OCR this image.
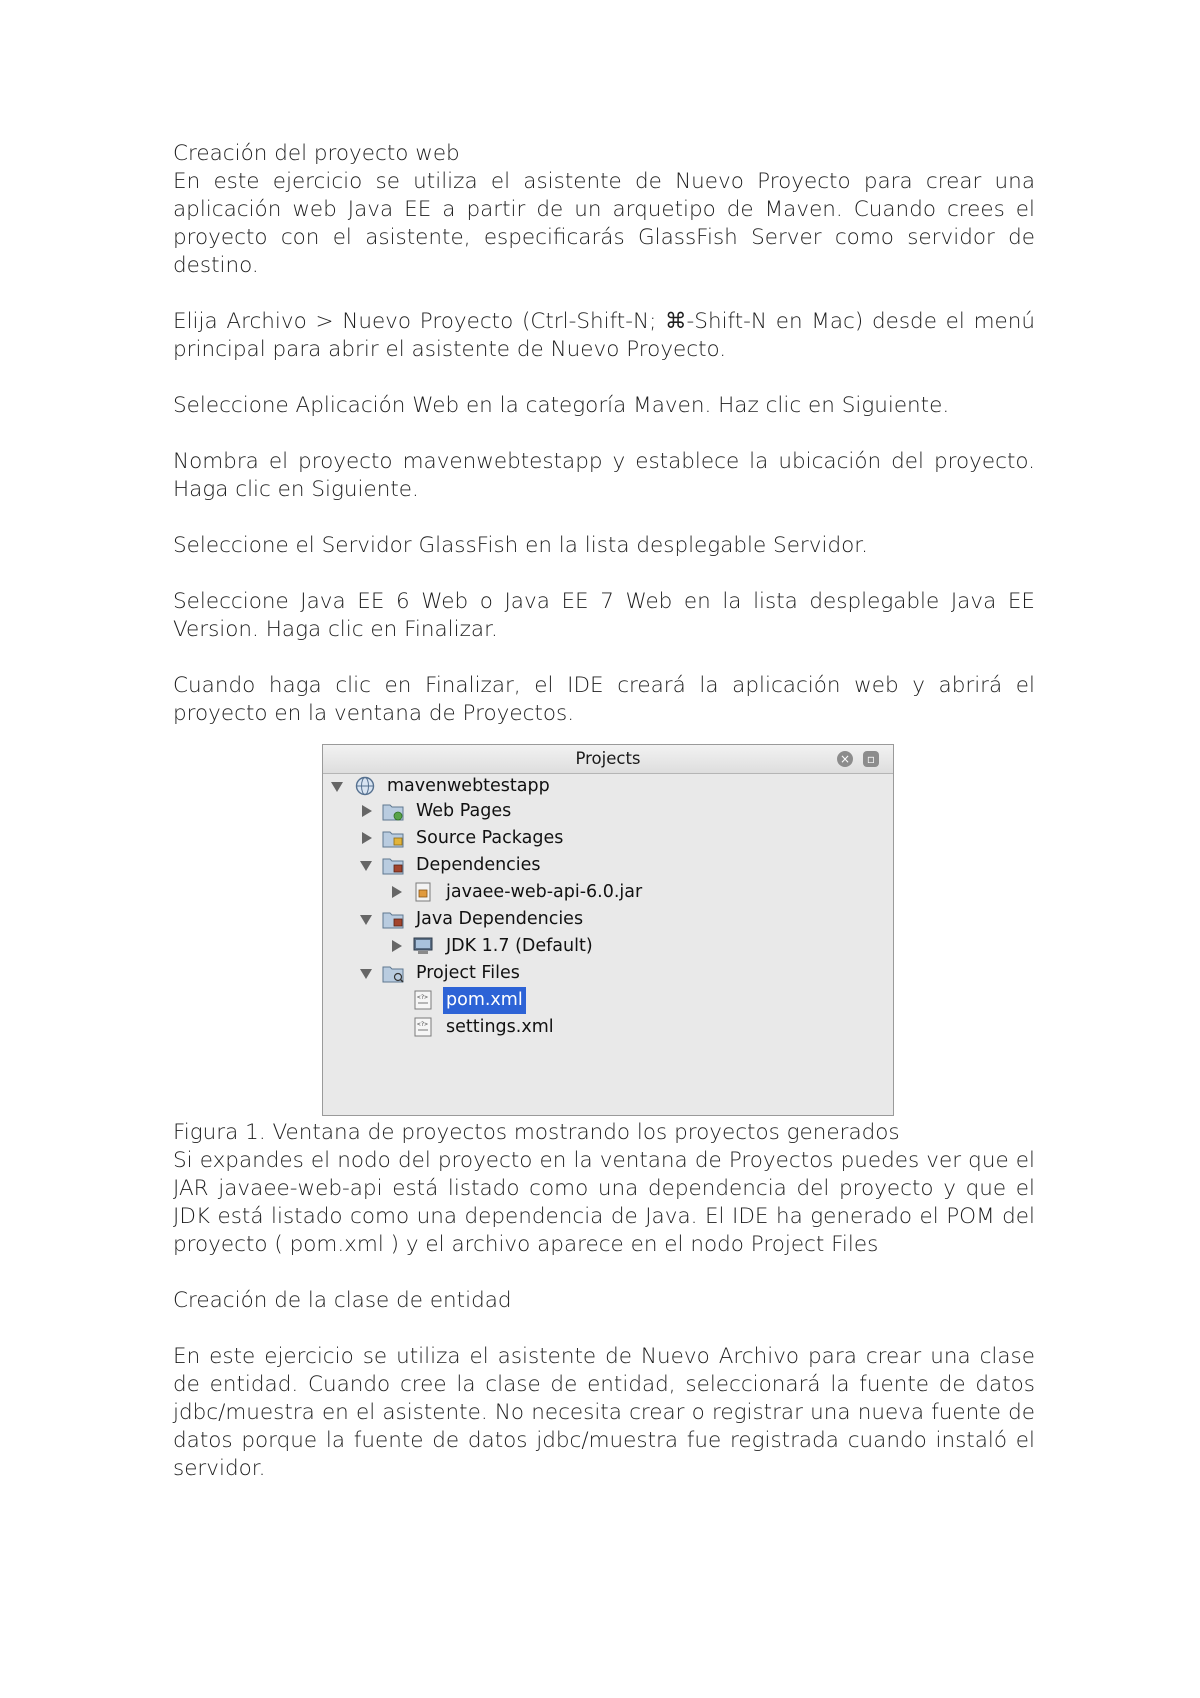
Creación del proyecto web

En este ejercicio se utiliza el asistente de Nuevo Proyecto para crear una aplicación web Java EE a partir de un arquetipo de Maven. Cuando crees el proyecto con el asistente, especificarás GlassFish Server como servidor de destino.

Elija Archivo > Nuevo Proyecto (Ctrl-Shift-N; ⌘-Shift-N en Mac) desde el menú principal para abrir el asistente de Nuevo Proyecto.

Seleccione Aplicación Web en la categoría Maven. Haz clic en Siguiente.

Nombra el proyecto mavenwebtestapp y establece la ubicación del proyecto. Haga clic en Siguiente.

Seleccione el Servidor GlassFish en la lista desplegable Servidor.

Seleccione Java EE 6 Web o Java EE 7 Web en la lista desplegable Java EE Version. Haga clic en Finalizar.

Cuando haga clic en Finalizar, el IDE creará la aplicación web y abrirá el proyecto en la ventana de Proyectos.

Projects	×	▫
mavenwebtestapp
Web Pages
Source Packages
Dependencies
javaee-web-api-6.0.jar
Java Dependencies
JDK 1.7 (Default)
Project Files
<?> pom.xml
<?> settings.xml

Figura 1. Ventana de proyectos mostrando los proyectos generados

Si expandes el nodo del proyecto en la ventana de Proyectos puedes ver que el JAR javaee-web-api está listado como una dependencia del proyecto y que el JDK está listado como una dependencia de Java. El IDE ha generado el POM del proyecto ( pom.xml ) y el archivo aparece en el nodo Project Files

Creación de la clase de entidad

En este ejercicio se utiliza el asistente de Nuevo Archivo para crear una clase de entidad. Cuando cree la clase de entidad, seleccionará la fuente de datos jdbc/muestra en el asistente. No necesita crear o registrar una nueva fuente de datos porque la fuente de datos jdbc/muestra fue registrada cuando instaló el servidor.
